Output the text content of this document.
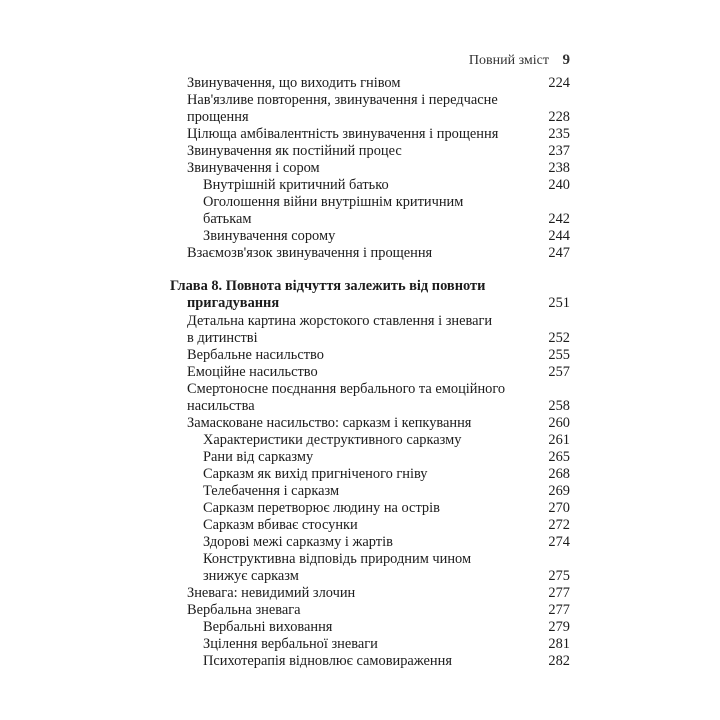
Повний зміст 9
Звинувачення, що виходить гнівом	224
Нав'язливе повторення, звинувачення і передчасне
прощення	228
Цілюща амбівалентність звинувачення і прощення	235
Звинувачення як постійний процес	237
Звинувачення і сором	238
Внутрішній критичний батько	240
Оголошення війни внутрішнім критичним
батькам	242
Звинувачення сорому	244
Взаємозв'язок звинувачення і прощення	247
Глава 8. Повнота відчуття залежить від повноти
пригадування	251
Детальна картина жорстокого ставлення і зневаги
в дитинстві	252
Вербальне насильство	255
Емоційне насильство	257
Смертоносне поєднання вербального та емоційного
насильства	258
Замасковане насильство: сарказм і кепкування	260
Характеристики деструктивного сарказму	261
Рани від сарказму	265
Сарказм як вихід пригніченого гніву	268
Телебачення і сарказм	269
Сарказм перетворює людину на острів	270
Сарказм вбиває стосунки	272
Здорові межі сарказму і жартів	274
Конструктивна відповідь природним чином
знижує сарказм	275
Зневага: невидимий злочин	277
Вербальна зневага	277
Вербальні виховання	279
Зцілення вербальної зневаги	281
Психотерапія відновлює самовираження	282
